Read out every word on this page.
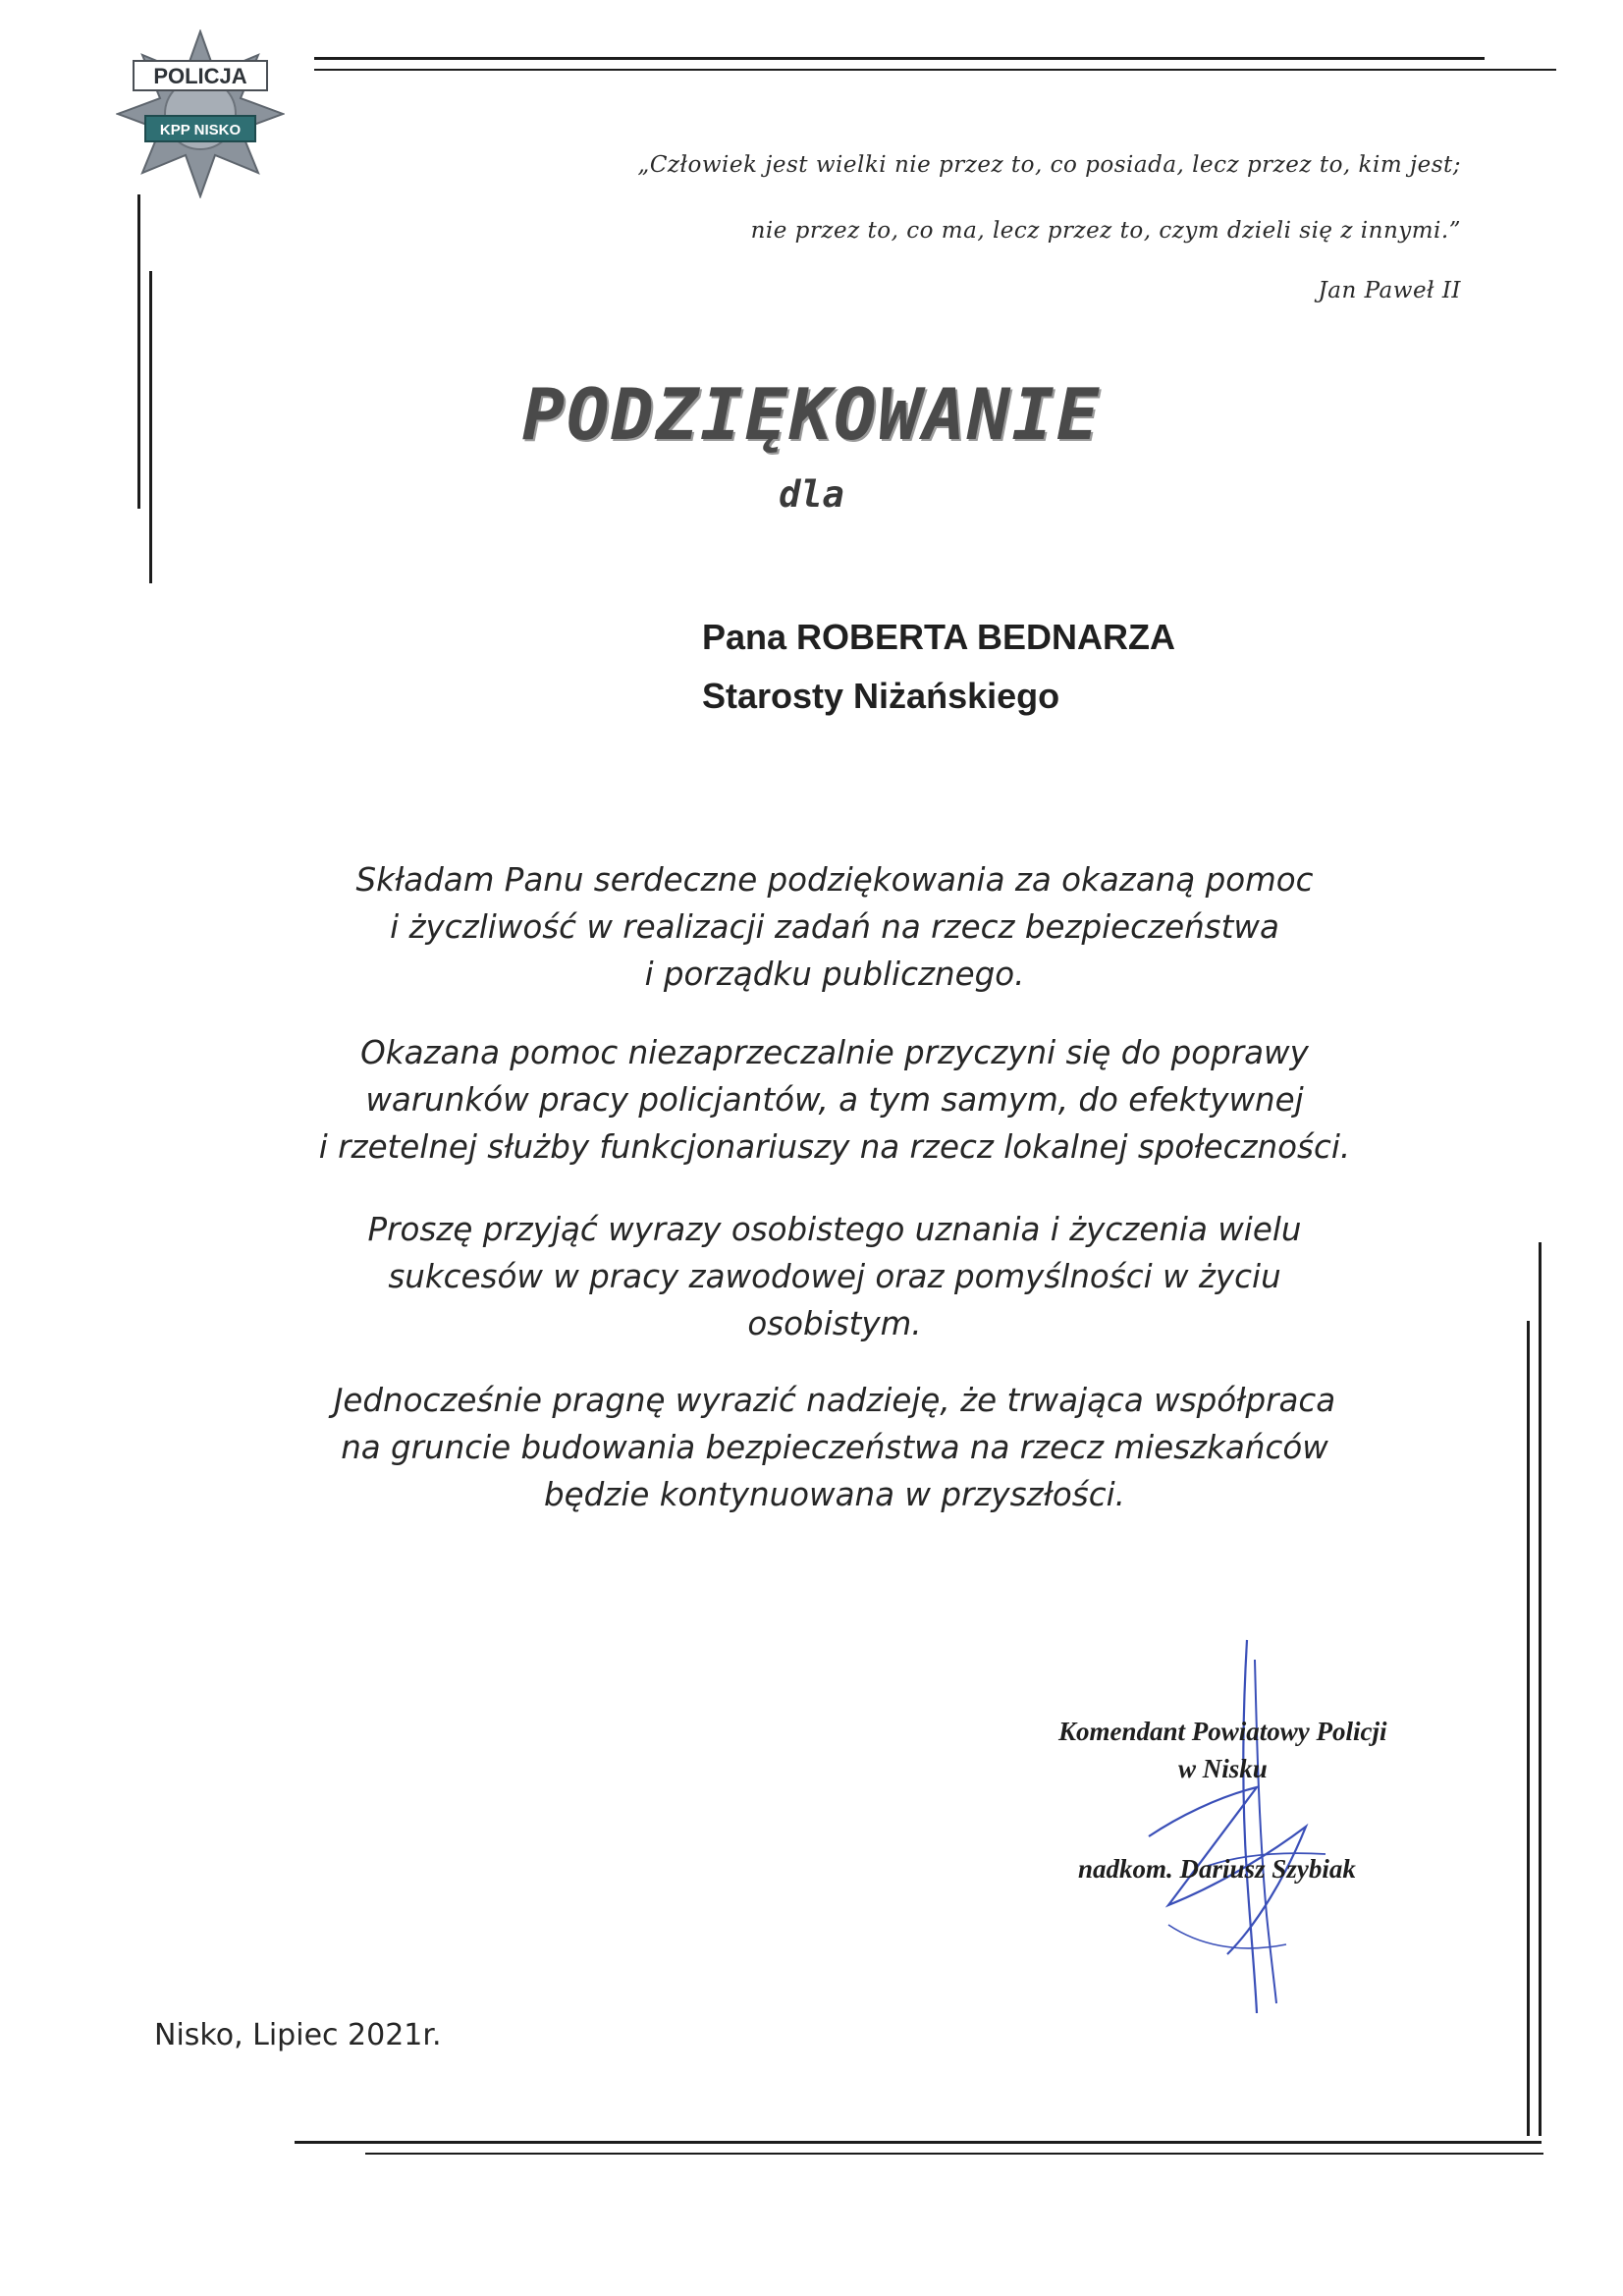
POLICJA
KPP NISKO
„Człowiek jest wielki nie przez to, co posiada, lecz przez to, kim jest;
nie przez to, co ma, lecz przez to, czym dzieli się z innymi.”
Jan Paweł II
PODZIĘKOWANIE
dla
Pana ROBERTA BEDNARZA
Starosty Niżańskiego
Składam Panu serdeczne podziękowania za okazaną pomoc
i życzliwość w realizacji zadań na rzecz bezpieczeństwa
i porządku publicznego.
Okazana pomoc niezaprzeczalnie przyczyni się do poprawy
warunków pracy policjantów, a tym samym, do efektywnej
i rzetelnej służby funkcjonariuszy na rzecz lokalnej społeczności.
Proszę przyjąć wyrazy osobistego uznania i życzenia wielu
sukcesów w pracy zawodowej oraz pomyślności w życiu
osobistym.
Jednocześnie pragnę wyrazić nadzieję, że trwająca współpraca
na gruncie budowania bezpieczeństwa na rzecz mieszkańców
będzie kontynuowana w przyszłości.
Komendant Powiatowy Policji
w Nisku
nadkom. Dariusz Szybiak
Nisko, Lipiec 2021r.
